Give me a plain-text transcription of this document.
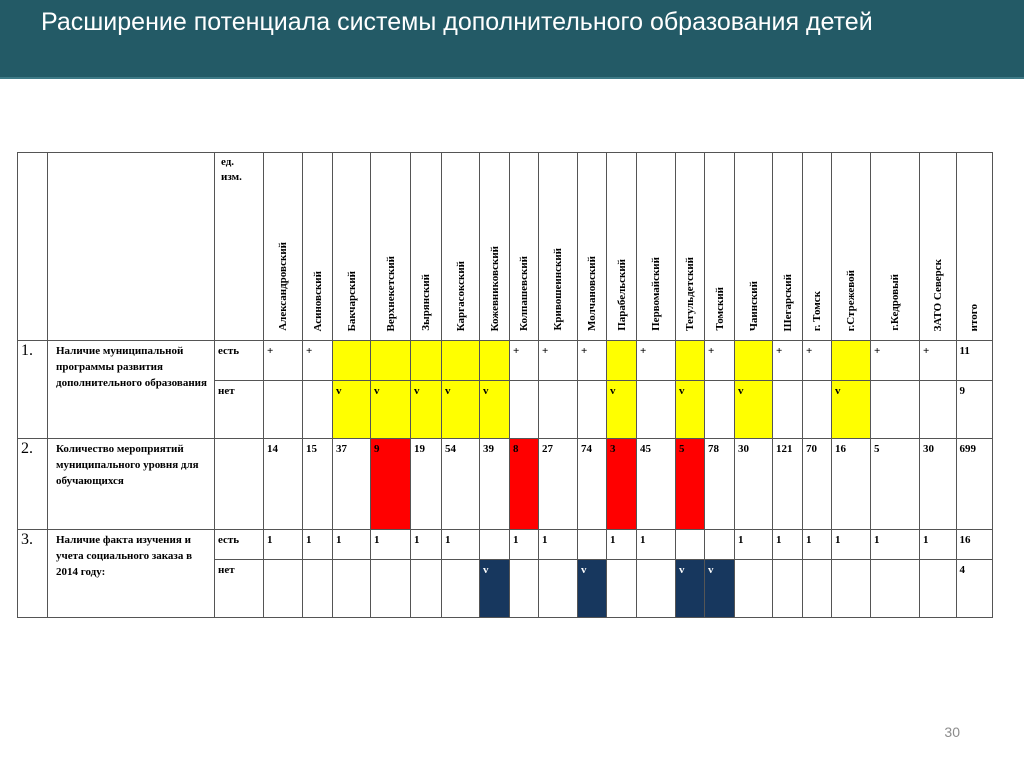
Расширение потенциала системы дополнительного образования детей

		ед. изм.	Александровский	Асиновский	Бакчарский	Верхнекетский	Зырянский	Каргасокский	Кожевниковский	Колпашевский	Кривошеинский	Молчановский	Парабельский	Первомайский	Тегульдетский	Томский	Чаинский	Шегарский	г. Томск	г.Стрежевой	г.Кедровый	ЗАТО Северск	итого

1.	Наличие муниципальной программы развития дополнительного образования	есть	+	+						+	+	+		+		+		+	+		+	+	11

		нет			v	v	v	v	v				v		v		v			v			9

2.	Количество мероприятий муниципального уровня для обучающихся		14	15	37	9	19	54	39	8	27	74	3	45	5	78	30	121	70	16	5	30	699

3.	Наличие факта изучения и учета социального заказа в 2014 году:	есть	1	1	1	1	1	1		1	1		1	1			1	1	1	1	1	1	16

		нет							v			v			v	v							4
30
